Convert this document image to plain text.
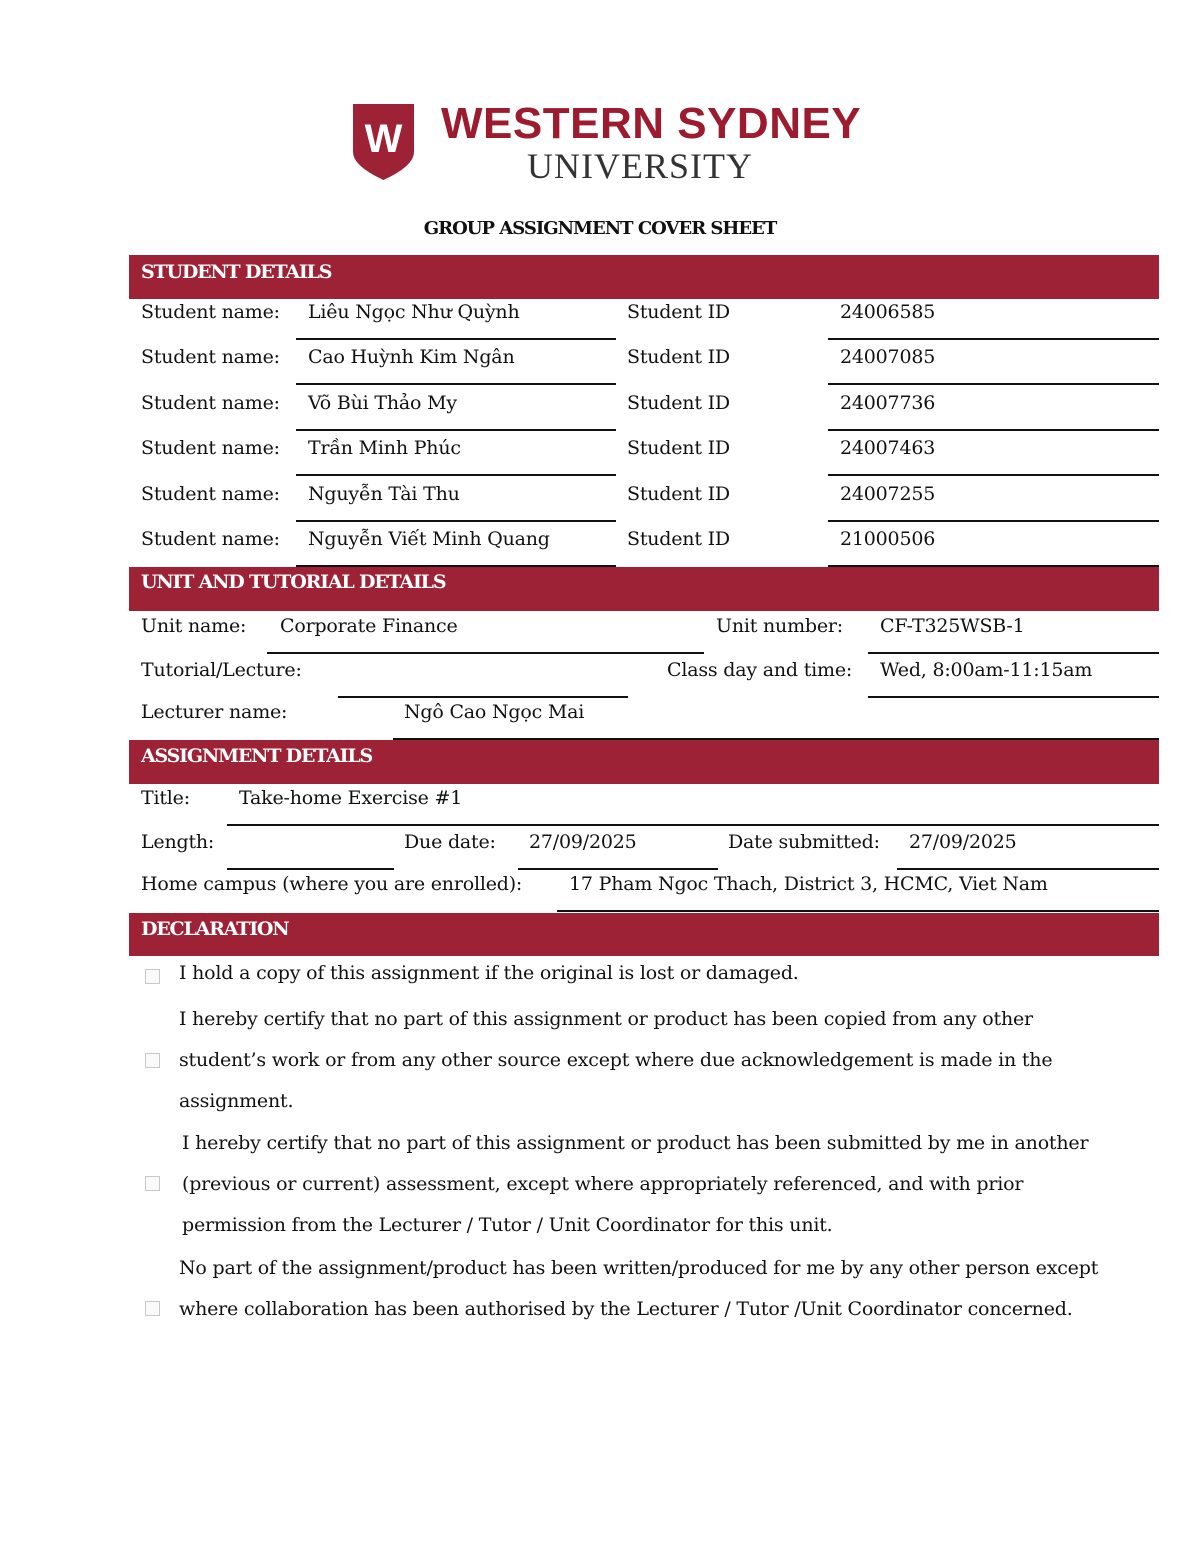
W WESTERN SYDNEY
UNIVERSITY
GROUP ASSIGNMENT COVER SHEET
STUDENT DETAILS
Student name: Liêu Ngọc Như Quỳnh	Student ID	24006585
Student name: Cao Huỳnh Kim Ngân	Student ID	24007085
Student name: Võ Bùi Thảo My	Student ID	24007736
Student name: Trần Minh Phúc	Student ID	24007463
Student name: Nguyễn Tài Thu	Student ID	24007255
Student name: Nguyễn Viết Minh Quang	Student ID	21000506
UNIT AND TUTORIAL DETAILS
Unit name: Corporate Finance	Unit number: CF-T325WSB-1
Tutorial/Lecture:	Class day and time: Wed, 8:00am-11:15am
Lecturer name:	Ngô Cao Ngọc Mai
ASSIGNMENT DETAILS
Title:	Take-home Exercise #1
Length:	Due date: 27/09/2025	Date submitted: 27/09/2025
Home campus (where you are enrolled): 17 Pham Ngoc Thach, District 3, HCMC, Viet Nam
DECLARATION
I hold a copy of this assignment if the original is lost or damaged.
I hereby certify that no part of this assignment or product has been copied from any other student’s work or from any other source except where due acknowledgement is made in the assignment.
I hereby certify that no part of this assignment or product has been submitted by me in another (previous or current) assessment, except where appropriately referenced, and with prior permission from the Lecturer / Tutor / Unit Coordinator for this unit.
No part of the assignment/product has been written/produced for me by any other person except where collaboration has been authorised by the Lecturer / Tutor /Unit Coordinator concerned.
